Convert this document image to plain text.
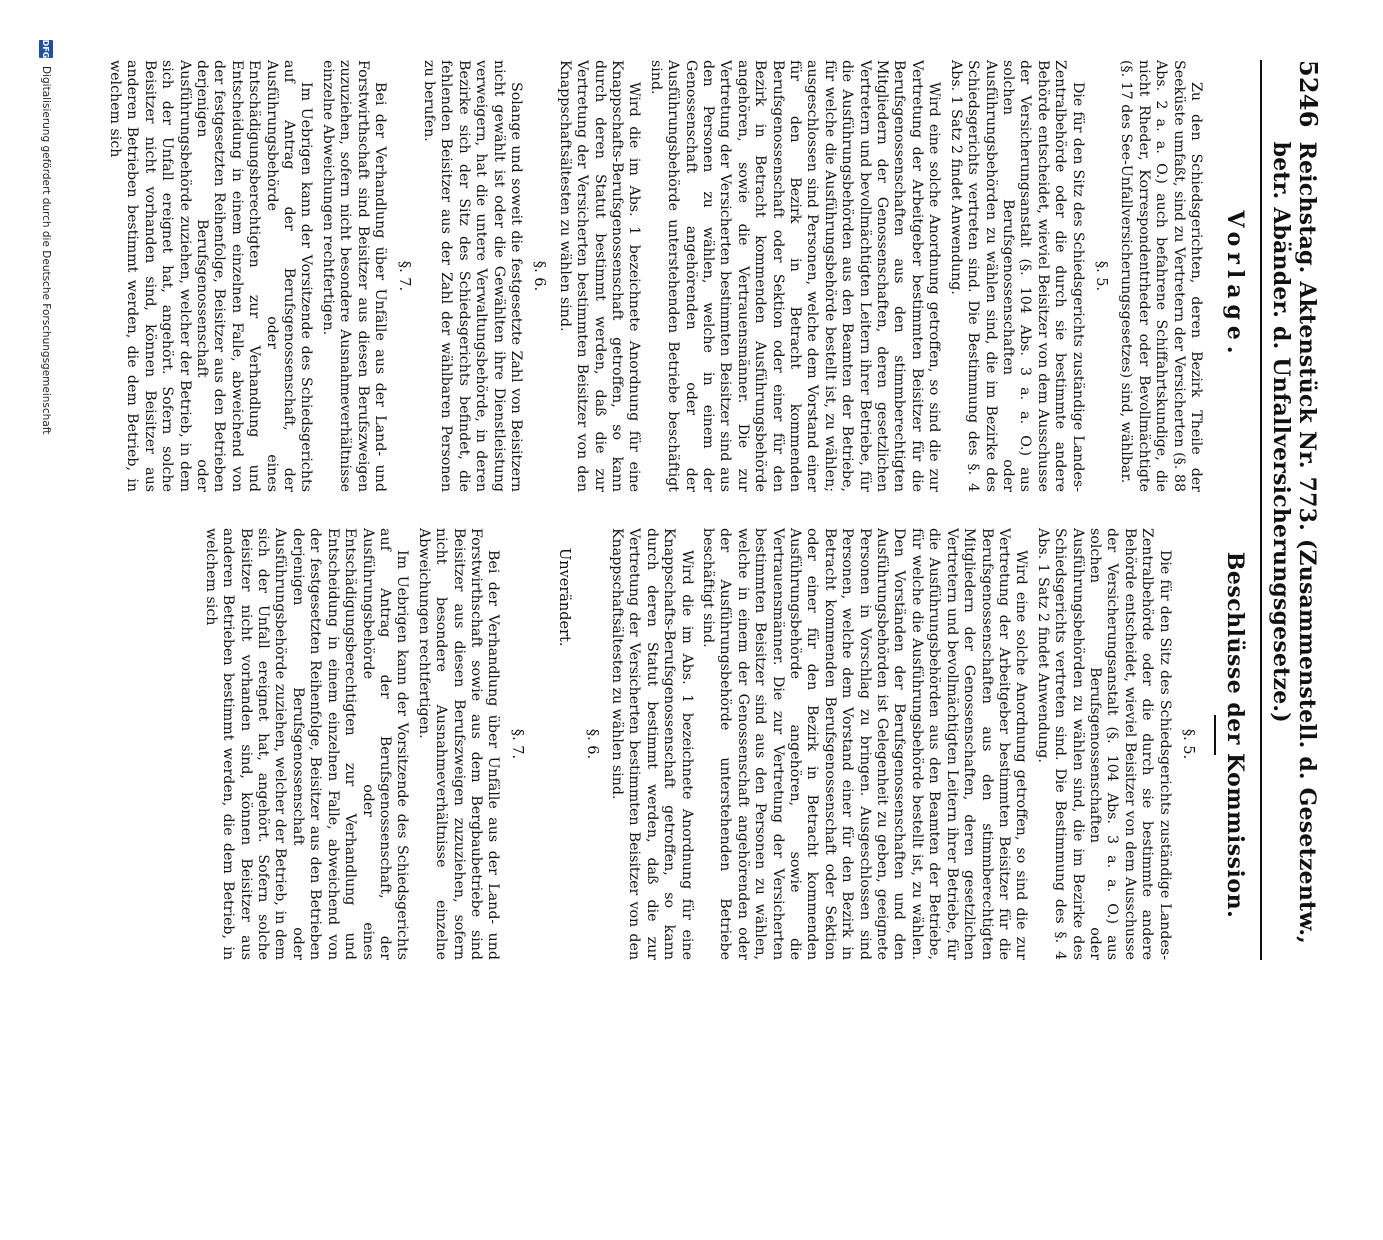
5246
Reichstag. Aktenstück Nr. 773. (Zusammenstell. d. Gesetzentw., betr. Abänder. d. Unfallversicherungsgesetze.)
Vorlage.
Beschlüsse der Kommission.

Zu den Schiedsgerichten, deren Bezirk Theile der Seeküste umfaßt, sind zu Vertretern der Versicherten (§. 88 Abs. 2 a. a. O.) auch befahrene Schiffahrtskundige, die nicht Rheder, Korrespondentrheder oder Bevollmächtigte (§. 17 des See-Unfallversicherungsgesetzes) sind, wählbar.

§. 5.

Die für den Sitz des Schiedsgerichts zuständige Landes-Zentralbehörde oder die durch sie bestimmte andere Behörde entscheidet, wieviel Beisitzer von dem Ausschusse der Versicherungsanstalt (§. 104 Abs. 3 a. a. O.) aus solchen Berufsgenossenschaften oder Ausführungsbehörden zu wählen sind, die im Bezirke des Schiedsgerichts vertreten sind. Die Bestimmung des §. 4 Abs. 1 Satz 2 findet Anwendung.

Wird eine solche Anordnung getroffen, so sind die zur Vertretung der Arbeitgeber bestimmten Beisitzer für die Berufsgenossenschaften aus den stimmberechtigten Mitgliedern der Genossenschaften, deren gesetzlichen Vertretern und bevollmächtigten Leitern ihrer Betriebe, für die Ausführungsbehörden aus den Beamten der Betriebe, für welche die Ausführungsbehörde bestellt ist, zu wählen; ausgeschlossen sind Personen, welche dem Vorstand einer für den Bezirk in Betracht kommenden Berufsgenossenschaft oder Sektion oder einer für den Bezirk in Betracht kommenden Ausführungsbehörde angehören, sowie die Vertrauensmänner. Die zur Vertretung der Versicherten bestimmten Beisitzer sind aus den Personen zu wählen, welche in einem der Genossenschaft angehörenden oder der Ausführungsbehörde unterstehenden Betriebe beschäftigt sind.

Wird die im Abs. 1 bezeichnete Anordnung für eine Knappschafts-Berufsgenossenschaft getroffen, so kann durch deren Statut bestimmt werden, daß die zur Vertretung der Versicherten bestimmten Beisitzer von den Knappschaftsältesten zu wählen sind.

§. 6.

Solange und soweit die festgesetzte Zahl von Beisitzern nicht gewählt ist oder die Gewählten ihre Dienstleistung verweigern, hat die untere Verwaltungsbehörde, in deren Bezirke sich der Sitz des Schiedsgerichts befindet, die fehlenden Beisitzer aus der Zahl der wählbaren Personen zu berufen.

§. 7.

Bei der Verhandlung über Unfälle aus der Land- und Forstwirthschaft sind Beisitzer aus diesen Berufszweigen zuzuziehen, sofern nicht besondere Ausnahmeverhältnisse einzelne Abweichungen rechtfertigen.

Im Uebrigen kann der Vorsitzende des Schiedsgerichts auf Antrag der Berufsgenossenschaft, der Ausführungsbehörde oder eines Entschädigungsberechtigten zur Verhandlung und Entscheidung in einem einzelnen Falle, abweichend von der festgesetzten Reihenfolge, Beisitzer aus den Betrieben derjenigen Berufsgenossenschaft oder Ausführungsbehörde zuziehen, welcher der Betrieb, in dem sich der Unfall ereignet hat, angehört. Sofern solche Beisitzer nicht vorhanden sind, können Beisitzer aus anderen Betrieben bestimmt werden, die dem Betrieb, in welchem sich

§. 5.

Die für den Sitz des Schiedsgerichts zuständige Landes-Zentralbehörde oder die durch sie bestimmte andere Behörde entscheidet, wieviel Beisitzer von dem Ausschusse der Versicherungsanstalt (§. 104 Abs. 3 a. a. O.) aus solchen Berufsgenossenschaften oder Ausführungsbehörden zu wählen sind, die im Bezirke des Schiedsgerichts vertreten sind. Die Bestimmung des §. 4 Abs. 1 Satz 2 findet Anwendung.

Wird eine solche Anordnung getroffen, so sind die zur Vertretung der Arbeitgeber bestimmten Beisitzer für die Berufsgenossenschaften aus den stimmberechtigten Mitgliedern der Genossenschaften, deren gesetzlichen Vertretern und bevollmächtigten Leitern ihrer Betriebe, für die Ausführungsbehörden aus den Beamten der Betriebe, für welche die Ausführungsbehörde bestellt ist, zu wählen. Den Vorständen der Berufsgenossenschaften und den Ausführungsbehörden ist Gelegenheit zu geben, geeignete Personen in Vorschlag zu bringen. Ausgeschlossen sind Personen, welche dem Vorstand einer für den Bezirk in Betracht kommenden Berufsgenossenschaft oder Sektion oder einer für den Bezirk in Betracht kommenden Ausführungsbehörde angehören, sowie die Vertrauensmänner. Die zur Vertretung der Versicherten bestimmten Beisitzer sind aus den Personen zu wählen, welche in einem der Genossenschaft angehörenden oder der Ausführungsbehörde unterstehenden Betriebe beschäftigt sind.

Wird die im Abs. 1 bezeichnete Anordnung für eine Knappschafts-Berufsgenossenschaft getroffen, so kann durch deren Statut bestimmt werden, daß die zur Vertretung der Versicherten bestimmten Beisitzer von den Knappschaftsältesten zu wählen sind.

§. 6.
Unverändert.
§. 7.

Bei der Verhandlung über Unfälle aus der Land- und Forstwirthschaft sowie aus dem Bergbaubetriebe sind Beisitzer aus diesen Berufszweigen zuzuziehen, sofern nicht besondere Ausnahmeverhältnisse einzelne Abweichungen rechtfertigen.

Im Uebrigen kann der Vorsitzende des Schiedsgerichts auf Antrag der Berufsgenossenschaft, der Ausführungsbehörde oder eines Entschädigungsberechtigten zur Verhandlung und Entscheidung in einem einzelnen Falle, abweichend von der festgesetzten Reihenfolge, Beisitzer aus den Betrieben derjenigen Berufsgenossenschaft oder Ausführungsbehörde zuziehen, welcher der Betrieb, in dem sich der Unfall ereignet hat, angehört. Sofern solche Beisitzer nicht vorhanden sind, können Beisitzer aus anderen Betrieben bestimmt werden, die dem Betrieb, in welchem sich

DFG
Digitalisierung gefördert durch die Deutsche Forschungsgemeinschaft
